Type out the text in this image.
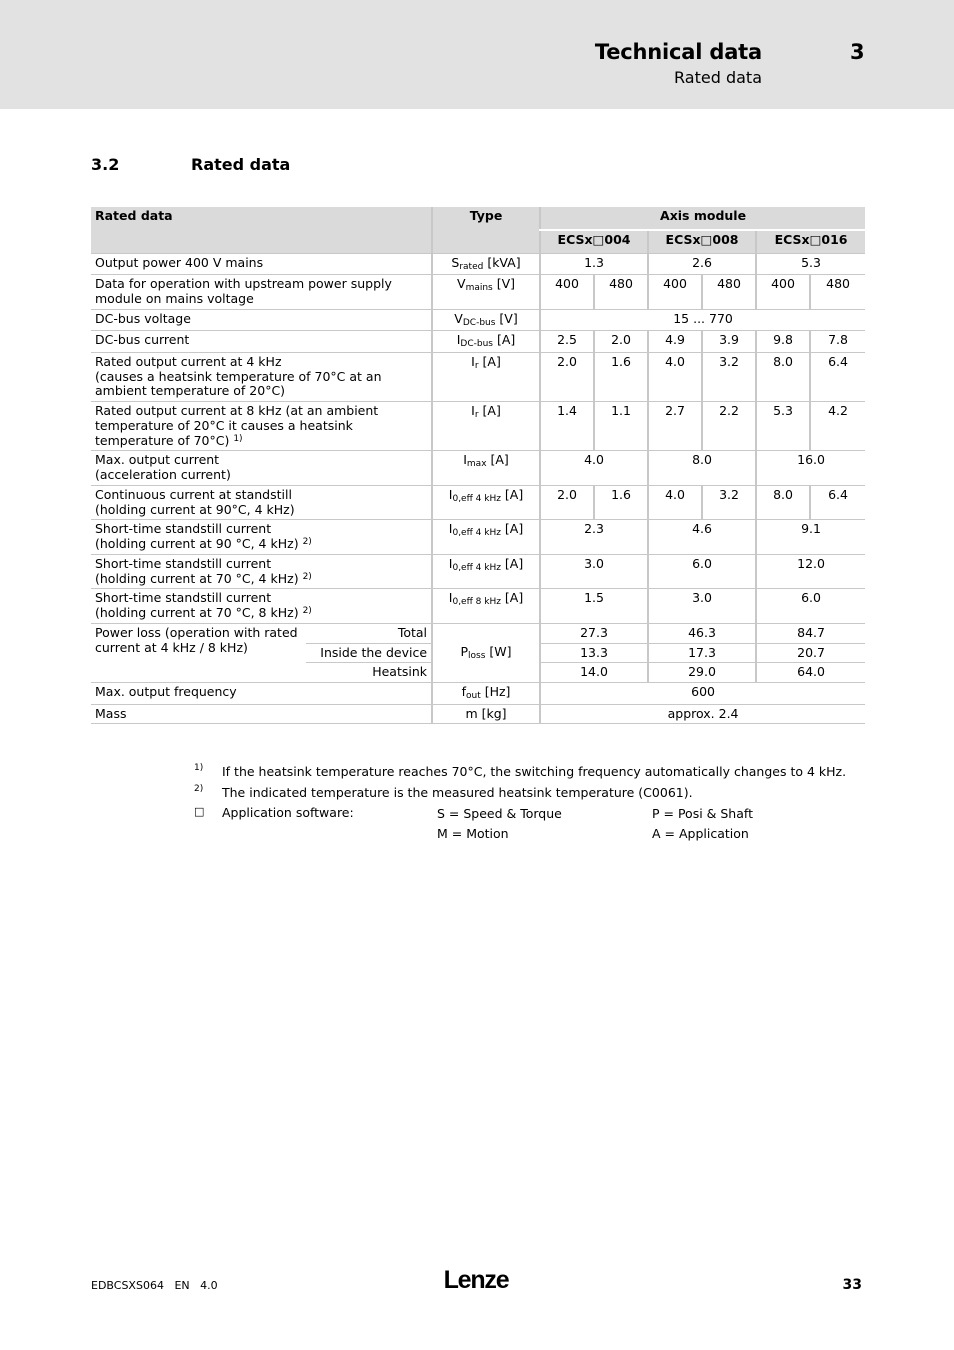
Technical data	3
Rated data
3.2	Rated data
Rated data		Type	Axis module					
			ECSx□004		ECSx□008		ECSx□016	
Output power 400 V mains		$S_{rated}$ [kVA]	1.3		2.6		5.3	
Data for operation with upstream power supply module on mains voltage		$V_{mains}$ [V]	400	480	400	480	400	480
DC-bus voltage		$V_{DC-bus}$ [V]	15 ... 770					
DC-bus current		$I_{DC-bus}$ [A]	2.5	2.0	4.9	3.9	9.8	7.8
Rated output current at 4 kHz
(causes a heatsink temperature of 70°C at an ambient temperature of 20°C)		$I_r$ [A]	2.0	1.6	4.0	3.2	8.0	6.4
Rated output current at 8 kHz (at an ambient temperature of 20°C it causes a heatsink temperature of 70°C) $^{1)}$		$I_r$ [A]	1.4	1.1	2.7	2.2	5.3	4.2
Max. output current
(acceleration current)		$I_{max}$ [A]	4.0		8.0		16.0	
Continuous current at standstill
(holding current at 90°C, 4 kHz)		$I_{0,eff 4 kHz}$ [A]	2.0	1.6	4.0	3.2	8.0	6.4
Short-time standstill current
(holding current at 90 °C, 4 kHz) $^{2)}$		$I_{0,eff 4 kHz}$ [A]	2.3		4.6		9.1	
Short-time standstill current
(holding current at 70 °C, 4 kHz) $^{2)}$		$I_{0,eff 4 kHz}$ [A]	3.0		6.0		12.0	
Short-time standstill current
(holding current at 70 °C, 8 kHz) $^{2)}$		$I_{0,eff 8 kHz}$ [A]	1.5		3.0		6.0	
Power loss (operation with rated current at 4 kHz / 8 kHz)	Total	$P_{loss}$ [W]	27.3		46.3		84.7	
	Inside the device		13.3		17.3		20.7	
	Heatsink		14.0		29.0		64.0	
Max. output frequency		$f_{out}$ [Hz]	600					
Mass		m [kg]	approx. 2.4					
1) If the heatsink temperature reaches 70°C, the switching frequency automatically changes to 4 kHz.
2) The indicated temperature is the measured heatsink temperature (C0061).
□ Application software:	S = Speed & Torque	P = Posi & Shaft
M = Motion	A = Application
EDBCSXS064 EN 4.0	Lenze	33
